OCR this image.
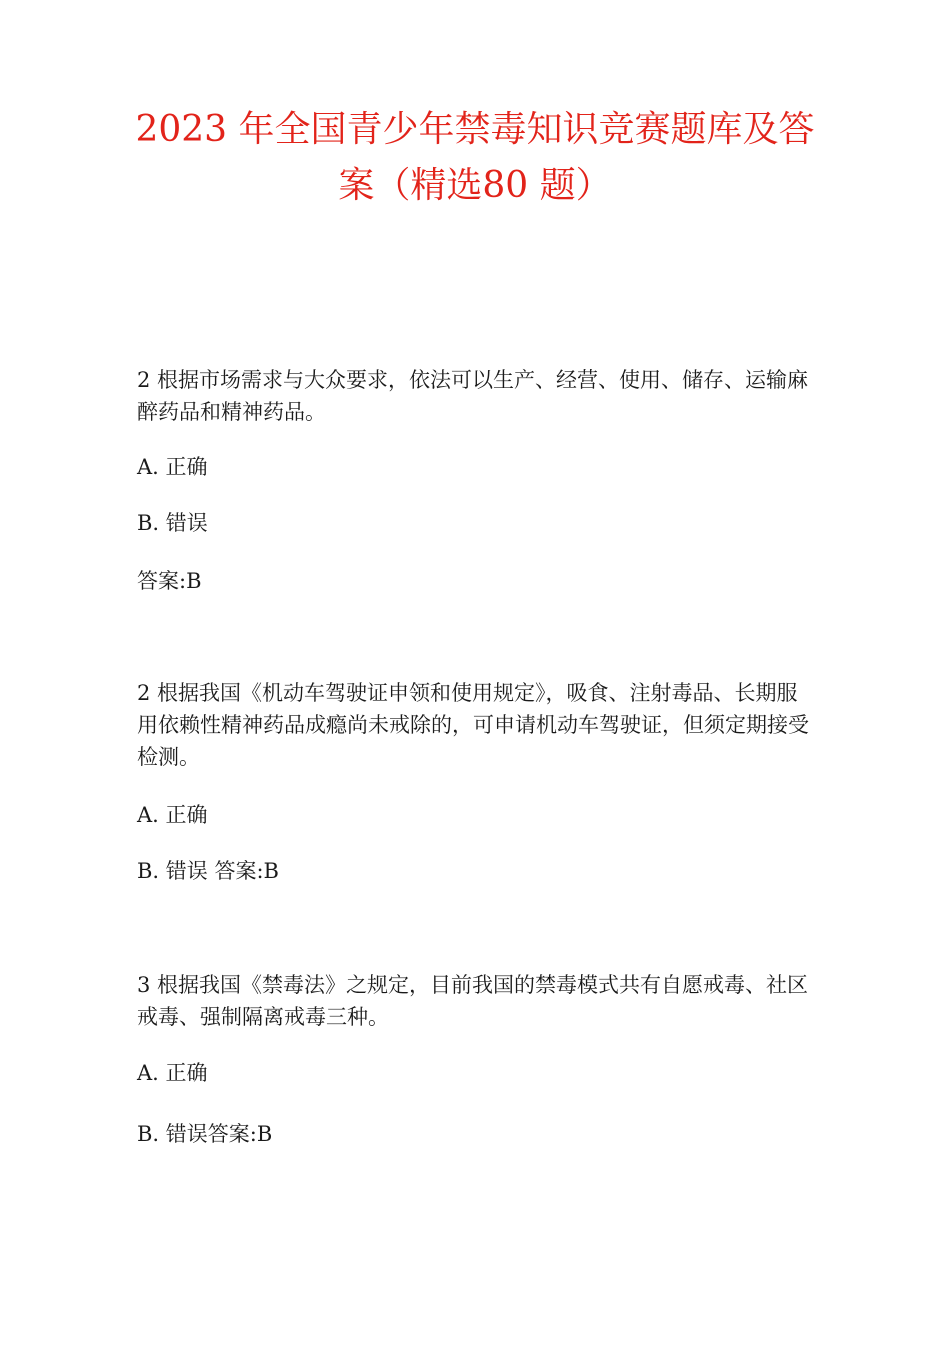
2023 年全国青少年禁毒知识竞赛题库及答
案（精选80 题）

2 根据市场需求与大众要求，依法可以生产、经营、使用、储存、运输麻醉药品和精神药品。

A. 正确

B. 错误

答案:B

2 根据我国《机动车驾驶证申领和使用规定》，吸食、注射毒品、长期服用依赖性精神药品成瘾尚未戒除的，可申请机动车驾驶证，但须定期接受检测。

A. 正确

B. 错误 答案:B

3 根据我国《禁毒法》之规定，目前我国的禁毒模式共有自愿戒毒、社区戒毒、强制隔离戒毒三种。

A. 正确

B. 错误答案:B
